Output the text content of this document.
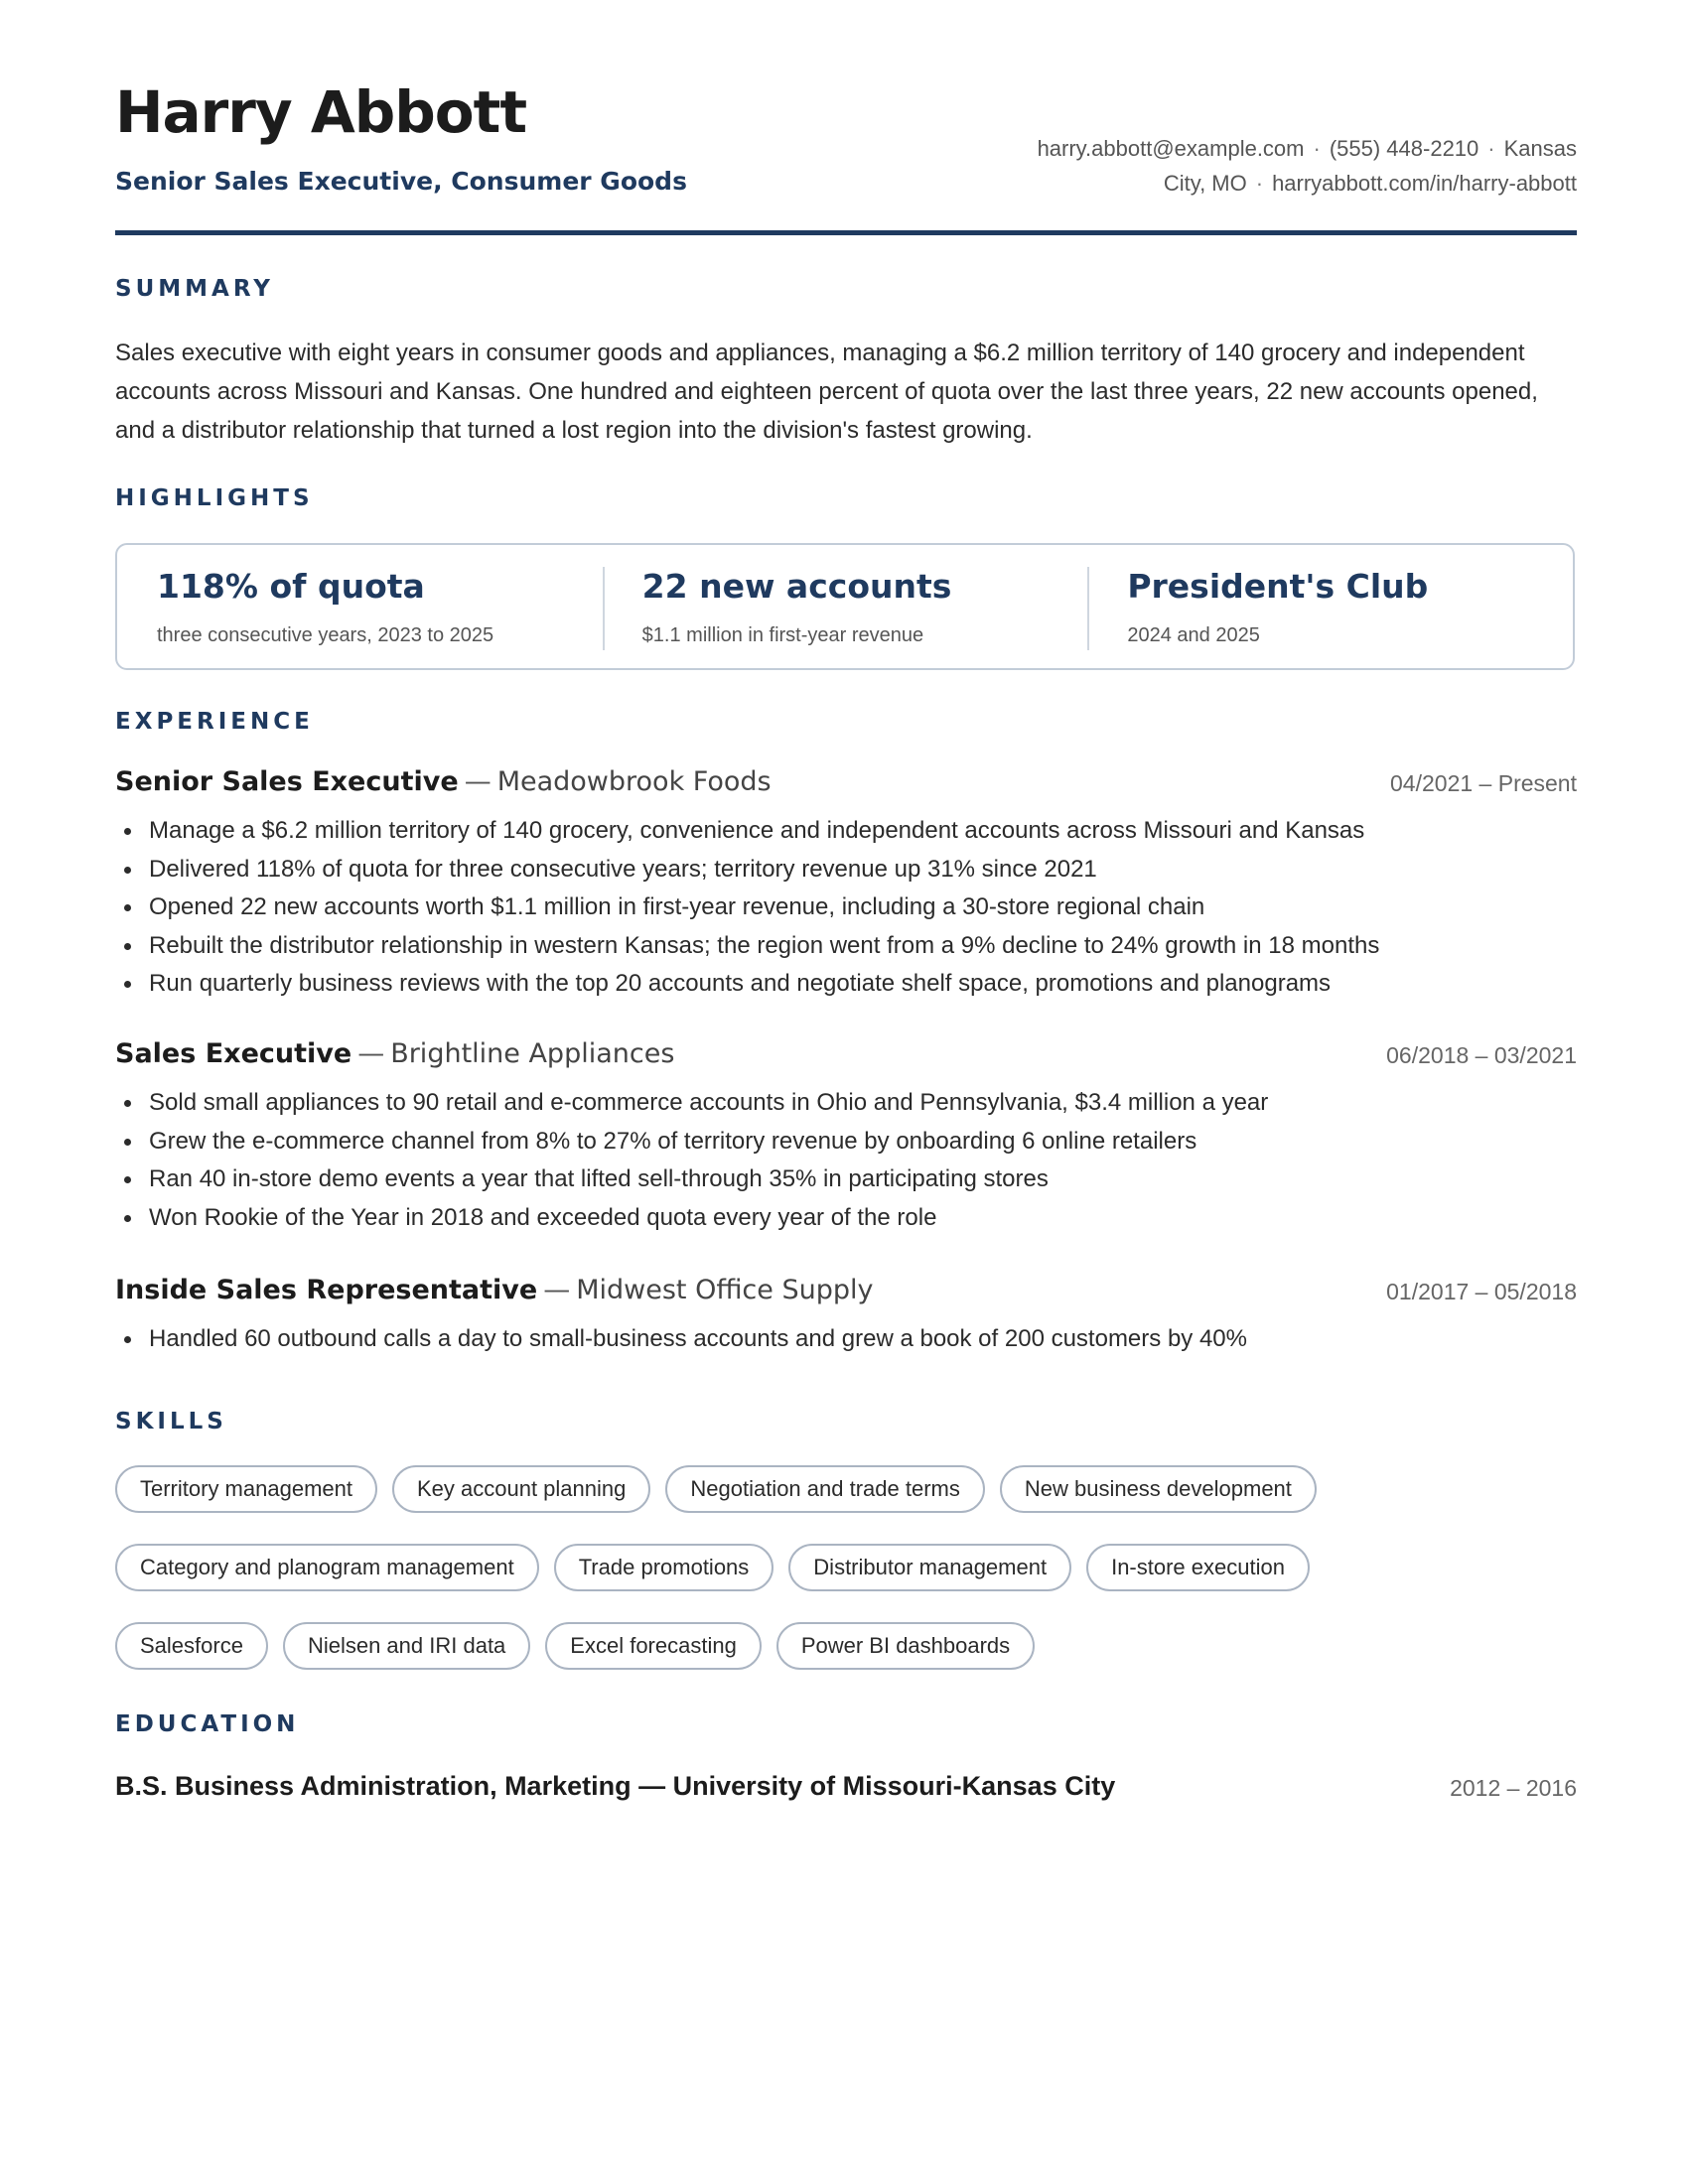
Harry Abbott
Senior Sales Executive, Consumer Goods
harry.abbott@example.com · (555) 448-2210 · Kansas
City, MO · harryabbott.com/in/harry-abbott
SUMMARY

Sales executive with eight years in consumer goods and appliances, managing a $6.2 million territory of 140 grocery and independent accounts across Missouri and Kansas. One hundred and eighteen percent of quota over the last three years, 22 new accounts opened, and a distributor relationship that turned a lost region into the division's fastest growing.

HIGHLIGHTS
118% of quota
three consecutive years, 2023 to 2025
22 new accounts
$1.1 million in first-year revenue
President's Club
2024 and 2025
EXPERIENCE
Senior Sales Executive — Meadowbrook Foods	04/2021 – Present
Manage a $6.2 million territory of 140 grocery, convenience and independent accounts across Missouri and Kansas
Delivered 118% of quota for three consecutive years; territory revenue up 31% since 2021
Opened 22 new accounts worth $1.1 million in first-year revenue, including a 30-store regional chain
Rebuilt the distributor relationship in western Kansas; the region went from a 9% decline to 24% growth in 18 months
Run quarterly business reviews with the top 20 accounts and negotiate shelf space, promotions and planograms
Sales Executive — Brightline Appliances	06/2018 – 03/2021
Sold small appliances to 90 retail and e-commerce accounts in Ohio and Pennsylvania, $3.4 million a year
Grew the e-commerce channel from 8% to 27% of territory revenue by onboarding 6 online retailers
Ran 40 in-store demo events a year that lifted sell-through 35% in participating stores
Won Rookie of the Year in 2018 and exceeded quota every year of the role
Inside Sales Representative — Midwest Office Supply	01/2017 – 05/2018
Handled 60 outbound calls a day to small-business accounts and grew a book of 200 customers by 40%
SKILLS
Territory management	Key account planning	Negotiation and trade terms	New business development
Category and planogram management	Trade promotions	Distributor management	In-store execution
Salesforce	Nielsen and IRI data	Excel forecasting	Power BI dashboards
EDUCATION
B.S. Business Administration, Marketing — University of Missouri-Kansas City	2012 – 2016
